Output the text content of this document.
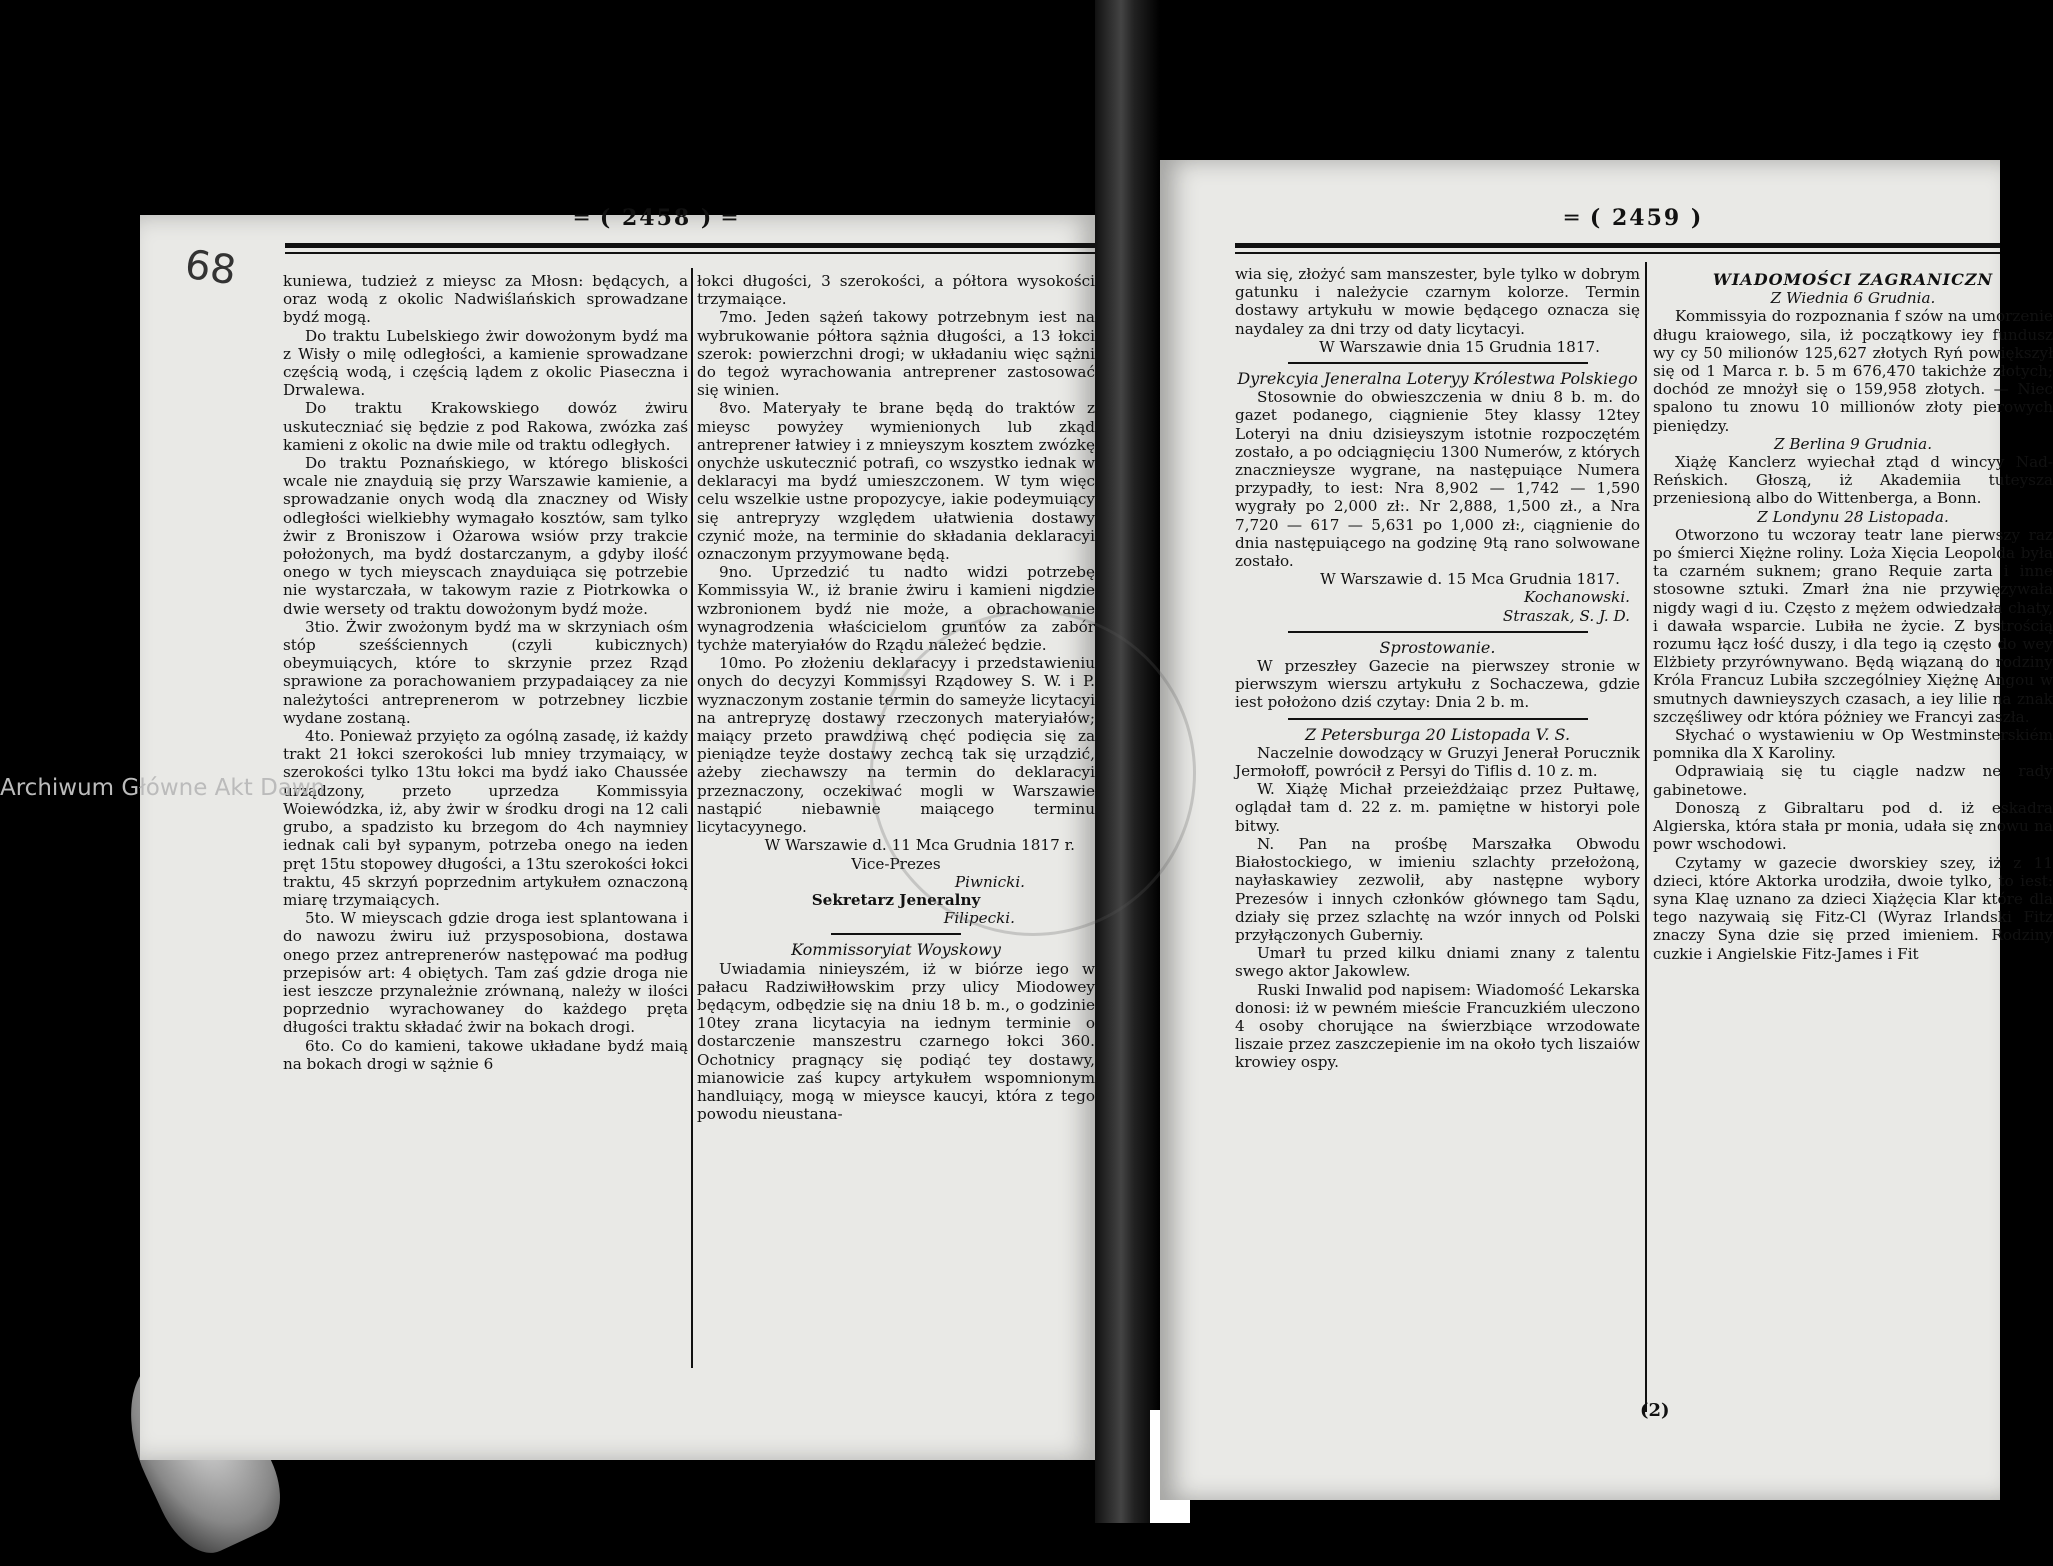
═ ( 2458 ) ═
68	kuniewa, tudzież z mieysc za Młosn: będących, a oraz wodą z okolic Nadwiślańskich sprowadzane bydź mogą.

Do traktu Lubelskiego żwir dowożonym bydź ma z Wisły o milę odległości, a kamienie sprowadzane częścią wodą, i częścią lądem z okolic Piaseczna i Drwalewa.

Do traktu Krakowskiego dowóz żwiru uskuteczniać się będzie z pod Rakowa, zwózka zaś kamieni z okolic na dwie mile od traktu odległych.

Do traktu Poznańskiego, w którego bliskości wcale nie znayduią się przy Warszawie kamienie, a sprowadzanie onych wodą dla znaczney od Wisły odległości wielkiebhy wymagało kosztów, sam tylko żwir z Broniszow i Ożarowa wsiów przy trakcie położonych, ma bydź dostarczanym, a gdyby ilość onego w tych mieyscach znayduiąca się potrzebie nie wystarczała, w takowym razie z Piotrkowka o dwie wersety od traktu dowożonym bydź może.

3tio. Żwir zwożonym bydź ma w skrzyniach ośm stóp sześściennych (czyli kubicznych) obeymuiących, które to skrzynie przez Rząd sprawione za porachowaniem przypadaiącey za nie należytości antreprenerom w potrzebney liczbie wydane zostaną.

4to. Ponieważ przyięto za ogólną zasadę, iż każdy trakt 21 łokci szerokości lub mniey trzymaiący, w szerokości tylko 13tu łokci ma bydź iako Chaussée urządzony, przeto uprzedza Kommissyia Woiewódzka, iż, aby żwir w środku drogi na 12 cali grubo, a spadzisto ku brzegom do 4ch naymniey iednak cali był sypanym, potrzeba onego na ieden pręt 15tu stopowey długości, a 13tu szerokości łokci traktu, 45 skrzyń poprzednim artykułem oznaczoną miarę trzymaiących.

5to. W mieyscach gdzie droga iest splantowana i do nawozu żwiru iuż przysposobiona, dostawa onego przez antreprenerów następować ma podług przepisów art: 4 obiętych. Tam zaś gdzie droga nie iest ieszcze przynależnie zrównaną, należy w ilości poprzednio wyrachowaney do każdego pręta długości traktu składać żwir na bokach drogi.

6to. Co do kamieni, takowe układane bydź maią na bokach drogi w sążnie 6

łokci długości, 3 szerokości, a półtora wysokości trzymaiące.

7mo. Jeden sążeń takowy potrzebnym iest na wybrukowanie półtora sążnia długości, a 13 łokci szerok: powierzchni drogi; w układaniu więc sążni do tegoż wyrachowania antreprener zastosować się winien.

8vo. Materyały te brane będą do traktów z mieysc powyżey wymienionych lub zkąd antreprener łatwiey i z mnieyszym kosztem zwózkę onychże uskutecznić potrafi, co wszystko iednak w deklaracyi ma bydź umieszczonem. W tym więc celu wszelkie ustne propozycye, iakie podeymuiący się antrepryzy względem ułatwienia dostawy czynić może, na terminie do składania deklaracyi oznaczonym przyymowane będą.

9no. Uprzedzić tu nadto widzi potrzebę Kommissyia W., iż branie żwiru i kamieni nigdzie wzbronionem bydź nie może, a obrachowanie wynagrodzenia właścicielom gruntów za zabór tychże materyiałów do Rządu należeć będzie.

10mo. Po złożeniu deklaracyy i przedstawieniu onych do decyzyi Kommissyi Rządowey S. W. i P. wyznaczonym zostanie termin do sameyże licytacyi na antrepryzę dostawy rzeczonych materyiałów; maiący przeto prawdziwą chęć podięcia się za pieniądze teyże dostawy zechcą tak się urządzić, ażeby ziechawszy na termin do deklaracyi przeznaczony, oczekiwać mogli w Warszawie nastąpić niebawnie maiącego terminu licytacyynego.

W Warszawie d. 11 Mca Grudnia 1817 r.

Vice-Prezes

Piwnicki.

Sekretarz Jeneralny

Filipecki.

Kommissoryiat Woyskowy

Uwiadamia ninieyszém, iż w biórze iego w pałacu Radziwiłłowskim przy ulicy Miodowey będącym, odbędzie się na dniu 18 b. m., o godzinie 10tey zrana licytacyia na iednym terminie o dostarczenie manszestru czarnego łokci 360. Ochotnicy pragnący się podiąć tey dostawy, mianowicie zaś kupcy artykułem wspomnionym handluiący, mogą w mieysce kaucyi, która z tego powodu nieustana-

Archiwum Główne Akt Dawn
═ ( 2459 )

wia się, złożyć sam manszester, byle tylko w dobrym gatunku i należycie czarnym kolorze. Termin dostawy artykułu w mowie będącego oznacza się naydaley za dni trzy od daty licytacyi.

W Warszawie dnia 15 Grudnia 1817.

Dyrekcyia Jeneralna Loteryy Królestwa Polskiego

Stosownie do obwieszczenia w dniu 8 b. m. do gazet podanego, ciągnienie 5tey klassy 12tey Loteryi na dniu dzisieyszym istotnie rozpoczętém zostało, a po odciągnięciu 1300 Numerów, z których znacznieysze wygrane, na następuiące Numera przypadły, to iest: Nra 8,902 — 1,742 — 1,590 wygrały po 2,000 zł:. Nr 2,888, 1,500 zł., a Nra 7,720 — 617 — 5,631 po 1,000 zł:, ciągnienie do dnia następuiącego na godzinę 9tą rano solwowane zostało.

W Warszawie d. 15 Mca Grudnia 1817.

Kochanowski.

Straszak, S. J. D.

Sprostowanie.

W przeszłey Gazecie na pierwszey stronie w pierwszym wierszu artykułu z Sochaczewa, gdzie iest położono dziś czytay: Dnia 2 b. m.

Z Petersburga 20 Listopada V. S.

Naczelnie dowodzący w Gruzyi Jenerał Porucznik Jermołoff, powrócił z Persyi do Tiflis d. 10 z. m.

W. Xiążę Michał przeieżdżaiąc przez Pułtawę, oglądał tam d. 22 z. m. pamiętne w historyi pole bitwy.

N. Pan na prośbę Marszałka Obwodu Białostockiego, w imieniu szlachty przełożoną, nayłaskawiey zezwolił, aby następne wybory Prezesów i innych członków głównego tam Sądu, działy się przez szlachtę na wzór innych od Polski przyłączonych Guberniy.

Umarł tu przed kilku dniami znany z talentu swego aktor Jakowlew.

Ruski Inwalid pod napisem: Wiadomość Lekarska donosi: iż w pewném mieście Francuzkiém uleczono 4 osoby chorujące na świerzbiące wrzodowate liszaie przez zaszczepienie im na około tych liszaiów krowiey ospy.

WIADOMOŚCI ZAGRANICZN

Z Wiednia 6 Grudnia.

Kommissyia do rozpoznania f szów na umorzenie długu kraiowego, sila, iż początkowy iey fundusz wy cy 50 milionów 125,627 złotych Ryń powiększył się od 1 Marca r. b. 5 m 676,470 takichże złotych; dochód ze mnożył się o 159,958 złotych. — Niec spalono tu znowu 10 millionów złoty pierowych pieniędzy.

Z Berlina 9 Grudnia.

Xiążę Kanclerz wyiechał ztąd d wincyy Nad-Reńskich. Głoszą, iż Akademiia tuteysza przeniesioną albo do Wittenberga, a Bonn.

Z Londynu 28 Listopada.

Otworzono tu wczoray teatr lane pierwszy raz po śmierci Xiężne roliny. Loża Xięcia Leopolda była ta czarném suknem; grano Requie zarta i inne stosowne sztuki. Zmarł żna nie przywięzywała nigdy wagi d iu. Często z mężem odwiedzała chaty, i dawała wsparcie. Lubiła ne życie. Z bystrością rozumu łącz łość duszy, i dla tego ią często do wey Elżbiety przyrównywano. Będą wiązaną do rodziny Króla Francuz Lubiła szczególniey Xiężnę Angou w smutnych dawnieyszych czasach, a iey lilie na znak szczęśliwey odr która póżniey we Francyi zaszła.

Słychać o wystawieniu w Op Westminsterskiém pomnika dla X Karoliny.

Odprawiaią się tu ciągle nadzw ne rady gabinetowe.

Donoszą z Gibraltaru pod d. iż eskadra Algierska, która stała pr monia, udała się znowu na powr wschodowi.

Czytamy w gazecie dworskiey szey, iż z 11 dzieci, które Aktorka urodziła, dwoie tylko, to iest: syna Klaę uznano za dzieci Xiążęcia Klar które dla tego nazywaią się Fitz-Cl (Wyraz Irlandski Fitz znaczy Syna dzie się przed imieniem. Rodziny cuzkie i Angielskie Fitz-James i Fit

(2)
